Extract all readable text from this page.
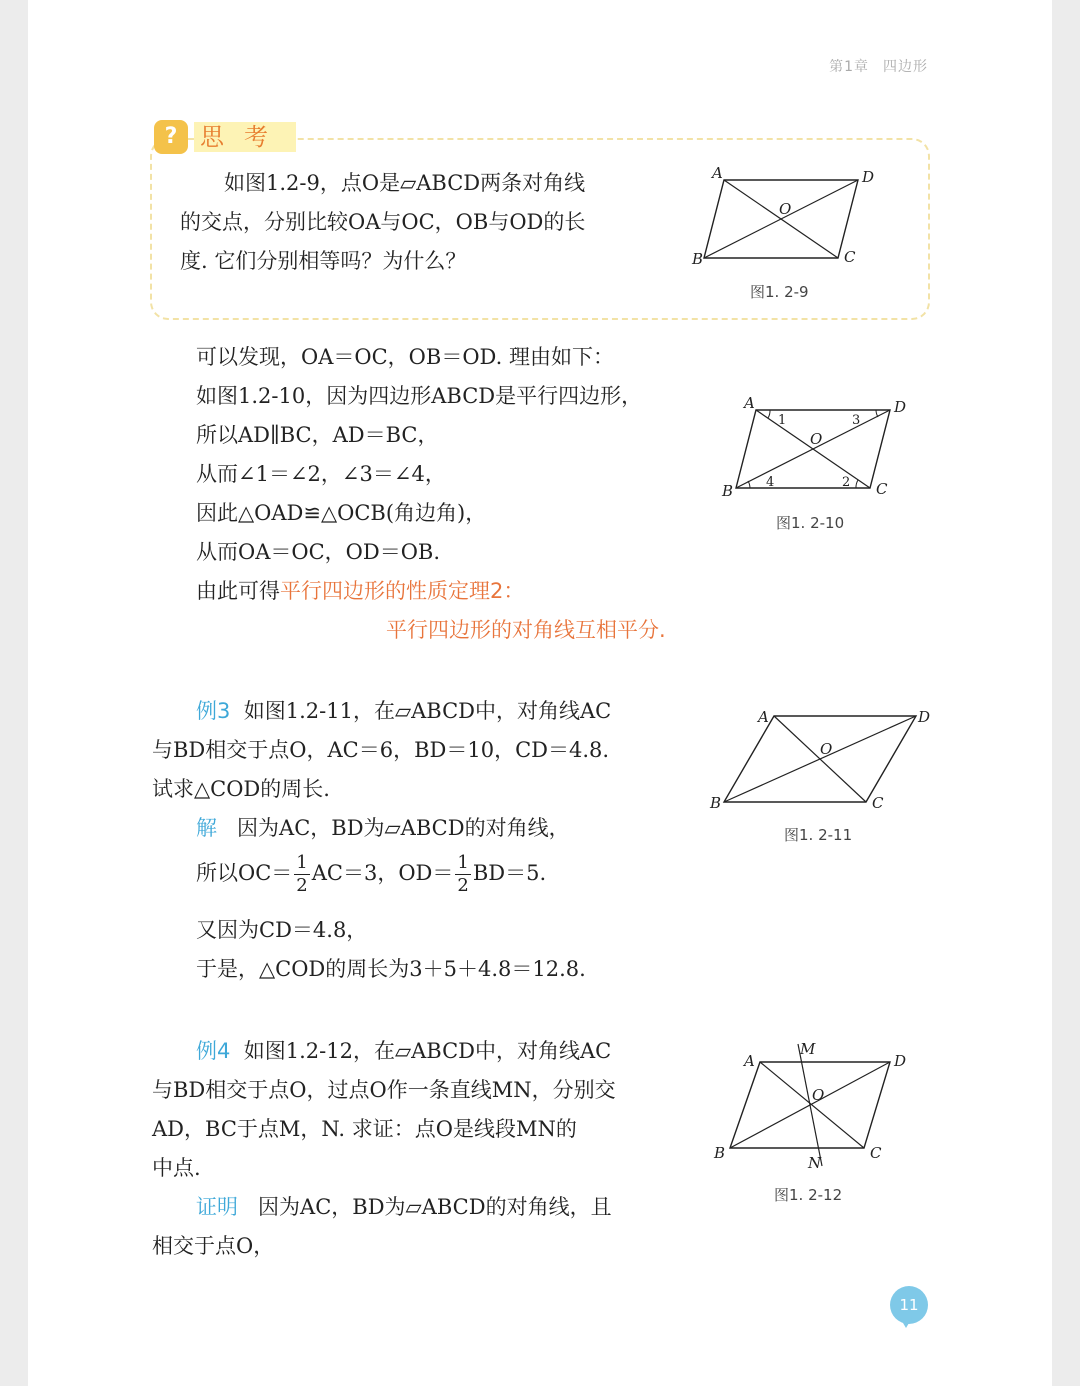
第1章 四边形
? 思考
如图1.2-9，点O是▱ABCD两条对角线
的交点，分别比较OA与OC，OB与OD的长
度. 它们分别相等吗？为什么？
A	D
O
B	C
图1. 2-9
可以发现，OA＝OC，OB＝OD. 理由如下：
如图1.2-10，因为四边形ABCD是平行四边形，
所以AD∥BC，AD＝BC，
从而∠1＝∠2，∠3＝∠4，
因此△OAD≌△OCB(角边角)，
从而OA＝OC，OD＝OB.
由此可得平行四边形的性质定理2：
平行四边形的对角线互相平分.
A	D
O
B	C
1
2
3
4
图1. 2-10
例3 如图1.2-11，在▱ABCD中，对角线AC
与BD相交于点O，AC＝6，BD＝10，CD＝4.8.
试求△COD的周长.
解 因为AC，BD为▱ABCD的对角线，
所以$OC= \frac{1}{2} AC=3$，$OD= \frac{1}{2} BD=5$.
又因为CD＝4.8，
于是，△COD的周长为3＋5＋4.8＝12.8.
A	D
O
B	C
图1. 2-11
例4 如图1.2-12，在▱ABCD中，对角线AC
与BD相交于点O，过点O作一条直线MN，分别交
AD，BC于点M，N. 求证：点O是线段MN的
中点.
证明 因为AC，BD为▱ABCD的对角线，且
相交于点O，
A	D
O
B	C
M
N
图1. 2-12
11
